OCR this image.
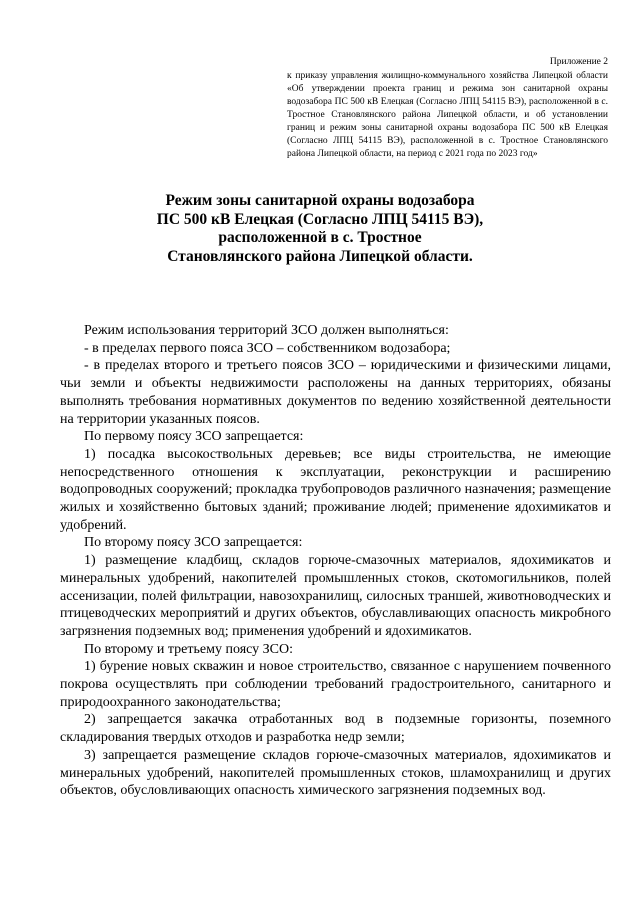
Приложение 2

к приказу управления жилищно-коммунального хозяйства Липецкой области «Об утверждении проекта границ и режима зон санитарной охраны водозабора ПС 500 кВ Елецкая (Согласно ЛПЦ 54115 ВЭ), расположенной в с. Тростное Становлянского района Липецкой области, и об установлении границ и режим зоны санитарной охраны водозабора ПС 500 кВ Елецкая (Согласно ЛПЦ 54115 ВЭ), расположенной в с. Тростное Становлянского района Липецкой области, на период с 2021 года по 2023 год»

Режим зоны санитарной охраны водозабора
ПС 500 кВ Елецкая (Согласно ЛПЦ 54115 ВЭ),
расположенной в с. Тростное
Становлянского района Липецкой области.

Режим использования территорий ЗСО должен выполняться:

- в пределах первого пояса ЗСО – собственником водозабора;

- в пределах второго и третьего поясов ЗСО – юридическими и физическими лицами, чьи земли и объекты недвижимости расположены на данных территориях, обязаны выполнять требования нормативных документов по ведению хозяйственной деятельности на территории указанных поясов.

По первому поясу ЗСО запрещается:

1) посадка высокоствольных деревьев; все виды строительства, не имеющие непосредственного отношения к эксплуатации, реконструкции и расширению водопроводных сооружений; прокладка трубопроводов различного назначения; размещение жилых и хозяйственно бытовых зданий; проживание людей; применение ядохимикатов и удобрений.

По второму поясу ЗСО запрещается:

1) размещение кладбищ, складов горюче-смазочных материалов, ядохимикатов и минеральных удобрений, накопителей промышленных стоков, скотомогильников, полей ассенизации, полей фильтрации, навозохранилищ, силосных траншей, животноводческих и птицеводческих мероприятий и других объектов, обуславливающих опасность микробного загрязнения подземных вод; применения удобрений и ядохимикатов.

По второму и третьему поясу ЗСО:

1) бурение новых скважин и новое строительство, связанное с нарушением почвенного покрова осуществлять при соблюдении требований градостроительного, санитарного и природоохранного законодательства;

2) запрещается закачка отработанных вод в подземные горизонты, поземного складирования твердых отходов и разработка недр земли;

3) запрещается размещение складов горюче-смазочных материалов, ядохимикатов и минеральных удобрений, накопителей промышленных стоков, шламохранилищ и других объектов, обусловливающих опасность химического загрязнения подземных вод.
